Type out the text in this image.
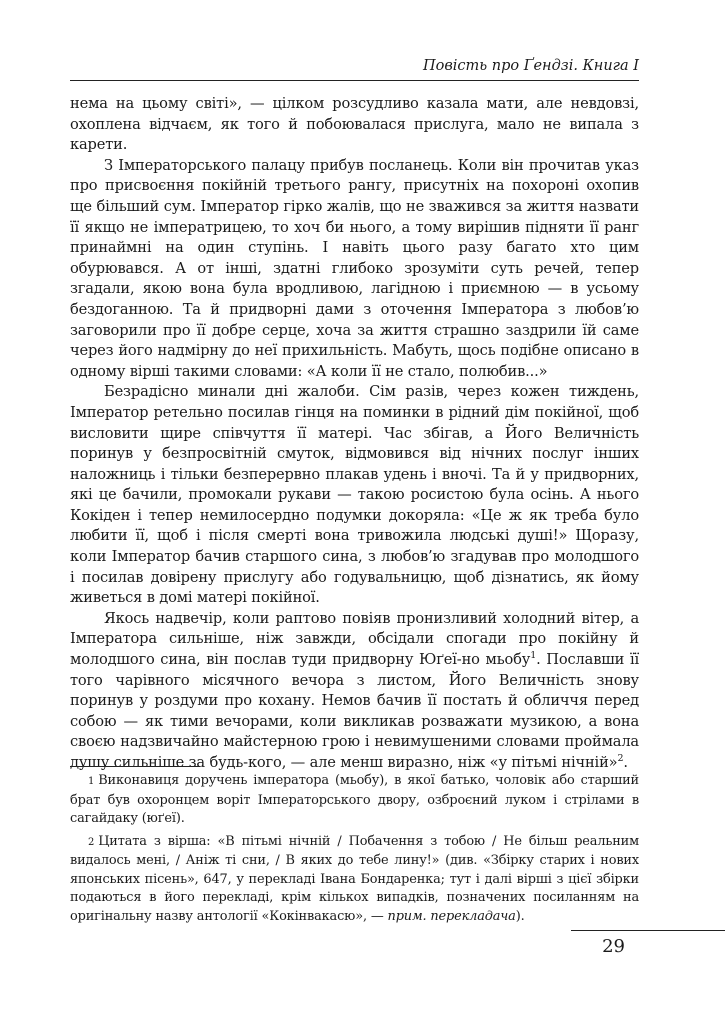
Повість про Ґендзі. Книга I

нема на цьому світі», — цілком розсудливо казала мати, але невдовзі, охоплена відчаєм, як того й побоювалася прислуга, мало не випала з карети.

З Імператорського палацу прибув посланець. Коли він прочитав указ про присвоєння покійній третього рангу, присутніх на похороні охопив ще більший сум. Імператор гірко жалів, що не зважився за життя назвати її якщо не імператрицею, то хоч би нього, а тому вирішив підняти її ранг принаймні на один ступінь. І навіть цього разу багато хто цим обурювався. А от інші, здатні глибоко зрозуміти суть речей, тепер згадали, якою вона була вродливою, лагідною і приємною — в усьому бездоганною. Та й придворні дами з оточення Імператора з любов’ю заговорили про її добре серце, хоча за життя страшно заздрили їй саме через його надмірну до неї прихильність. Мабуть, щось подібне описано в одному вірші такими словами: «А коли її не стало, полюбив...»

Безрадісно минали дні жалоби. Сім разів, через кожен тиждень, Імператор ретельно посилав гінця на поминки в рідний дім покійної, щоб висловити щире співчуття її матері. Час збігав, а Його Величність поринув у безпросвітній смуток, відмовився від нічних послуг інших наложниць і тільки безперервно плакав удень і вночі. Та й у придворних, які це бачили, промокали рукави — такою росистою була осінь. А нього Кокіден і тепер немилосердно подумки докоряла: «Це ж як треба було любити її, щоб і після смерті вона тривожила людські душі!» Щоразу, коли Імператор бачив старшого сина, з любов’ю згадував про молодшого і посилав довірену прислугу або годувальницю, щоб дізнатись, як йому живеться в домі матері покійної.

Якось надвечір, коли раптово повіяв пронизливий холодний вітер, а Імператора сильніше, ніж завжди, обсідали спогади про покійну й молодшого сина, він послав туди придворну Юґеї-но мьобу$^1$. Пославши її того чарівного місячного вечора з листом, Його Величність знову поринув у роздуми про кохану. Немов бачив її постать й обличчя перед собою — як тими вечорами, коли викликав розважати музикою, а вона своєю надзвичайно майстерною грою і невимушеними словами проймала душу сильніше за будь-кого, — але менш виразно, ніж «у пітьмі нічній»$^2$.

1 Виконавиця доручень імператора (мьобу), в якої батько, чоловік або старший брат був охоронцем воріт Імператорського двору, озброєний луком і стрілами в сагайдаку (юґеї).

2 Цитата з вірша: «В пітьмі нічній / Побачення з тобою / Не більш реальним видалось мені, / Аніж ті сни, / В яких до тебе лину!» (див. «Збірку старих і нових японських пісень», 647, у перекладі Івана Бондаренка; тут і далі вірші з цієї збірки подаються в його перекладі, крім кількох випадків, позначених посиланням на оригінальну назву антології «Кокінвакасю», — прим. перекладача).

29
